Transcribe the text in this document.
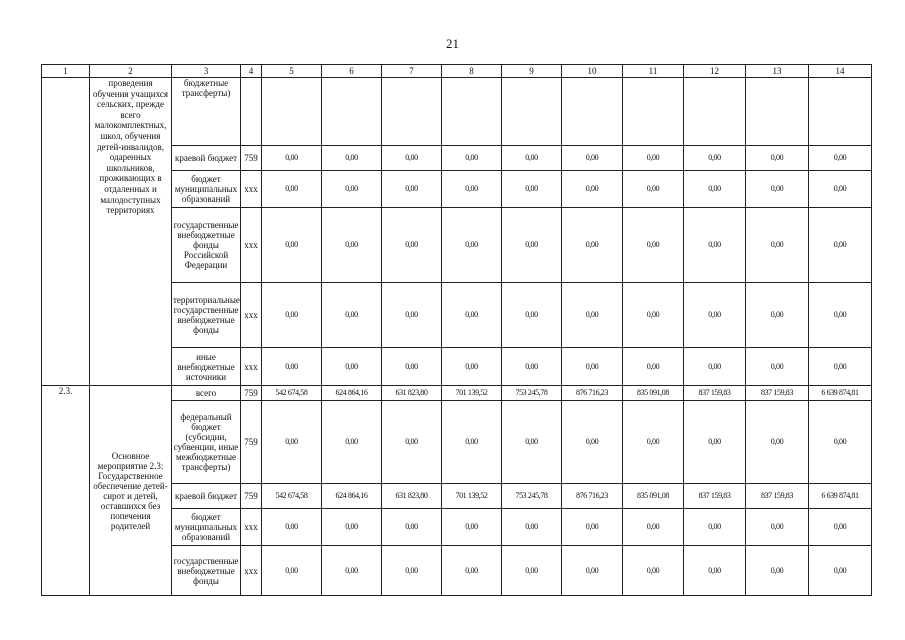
21
1	2	3	4	5	6	7	8	9	10	11	12	13	14
	проведения обучения учащихся сельских, прежде всего малокомплектных, школ, обучения детей-инвалидов, одаренных школьников, проживающих в отдаленных и малодоступных территориях	бюджетные трансферты)											
		краевой бюджет	759	0,00	0,00	0,00	0,00	0,00	0,00	0,00	0,00	0,00	0,00
		бюджет муниципальных образований	ххх	0,00	0,00	0,00	0,00	0,00	0,00	0,00	0,00	0,00	0,00
		государственные внебюджетные фонды Российской Федерации	ххх	0,00	0,00	0,00	0,00	0,00	0,00	0,00	0,00	0,00	0,00
		территориальные государственные внебюджетные фонды	ххх	0,00	0,00	0,00	0,00	0,00	0,00	0,00	0,00	0,00	0,00
		иные внебюджетные источники	ххх	0,00	0,00	0,00	0,00	0,00	0,00	0,00	0,00	0,00	0,00
2.3.	Основное мероприятие 2.3: Государственное обеспечение детей-сирот и детей, оставшихся без попечения родителей	всего	759	542 674,58	624 864,16	631 823,80	701 139,52	753 245,78	876 716,23	835 091,08	837 159,83	837 159,83	6 639 874,81
		федеральный бюджет (субсидии, субвенции, иные межбюджетные трансферты)	759	0,00	0,00	0,00	0,00	0,00	0,00	0,00	0,00	0,00	0,00
		краевой бюджет	759	542 674,58	624 864,16	631 823,80	701 139,52	753 245,78	876 716,23	835 091,08	837 159,83	837 159,83	6 639 874,81
		бюджет муниципальных образований	ххх	0,00	0,00	0,00	0,00	0,00	0,00	0,00	0,00	0,00	0,00
		государственные внебюджетные фонды	ххх	0,00	0,00	0,00	0,00	0,00	0,00	0,00	0,00	0,00	0,00
